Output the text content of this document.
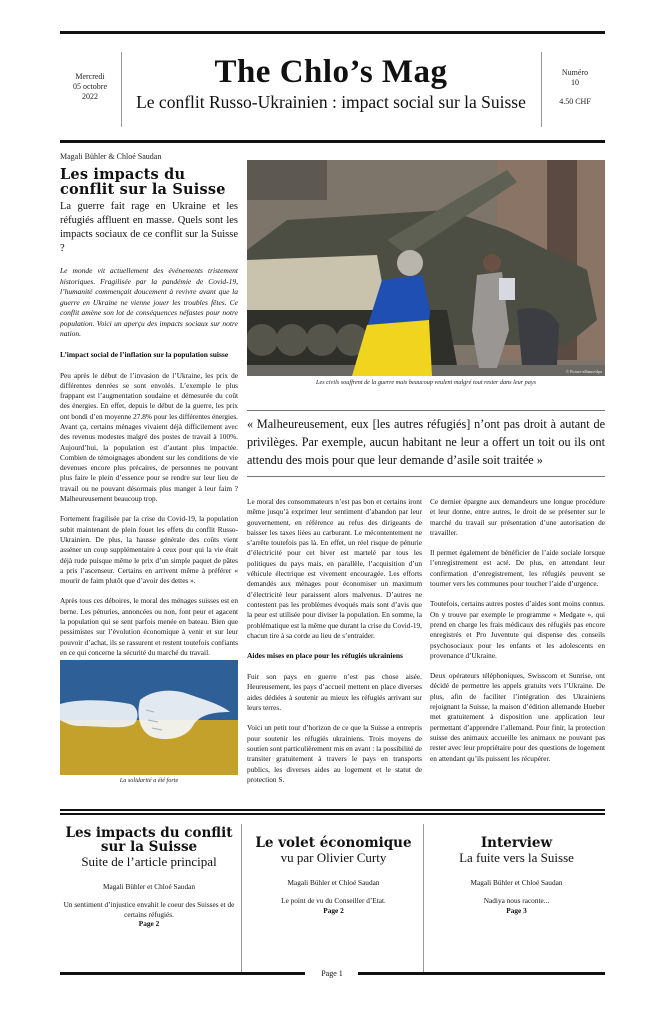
Mercredi
05 octobre
2022
The Chlo’s Mag
Le conflit Russo-Ukrainien : impact social sur la Suisse
Numéro
10
4.50 CHF
Magali Bühler & Chloé Saudan
Les impacts du conflit sur la Suisse
La guerre fait rage en Ukraine et les réfugiés affluent en masse. Quels sont les impacts sociaux de ce conflit sur la Suisse ?
Le monde vit actuellement des événements tristement historiques. Fragilisée par la pandémie de Covid-19, l’humanité commençait doucement à revivre avant que la guerre en Ukraine ne vienne jouer les troubles fêtes. Ce conflit amène son lot de conséquences néfastes pour notre population. Voici un aperçu des impacts sociaux sur notre nation.
L’impact social de l’inflation sur la population suisse

Peu après le début de l’invasion de l’Ukraine, les prix de différentes denrées se sont envolés. L’exemple le plus frappant est l’augmentation soudaine et démesurée du coût des énergies. En effet, depuis le début de la guerre, les prix ont bondi d’en moyenne 27.8% pour les différentes énergies. Avant ça, certains ménages vivaient déjà difficilement avec des revenus modestes malgré des postes de travail à 100%. Aujourd’hui, la population est d’autant plus impactée. Combien de témoignages abondent sur les conditions de vie devenues encore plus précaires, de personnes ne pouvant plus faire le plein d’essence pour se rendre sur leur lieu de travail ou ne pouvant désormais plus manger à leur faim ? Malheureusement beaucoup trop.

Fortement fragilisée par la crise du Covid-19, la population subit maintenant de plein fouet les effets du conflit Russo-Ukrainien. De plus, la hausse générale des coûts vient asséner un coup supplémentaire à ceux pour qui la vie était déjà rude puisque même le prix d’un simple paquet de pâtes a pris l’ascenseur. Certains en arrivent même à préférer « mourir de faim plutôt que d’avoir des dettes ».

Après tous ces déboires, le moral des ménages suisses est en berne. Les pénuries, annoncées ou non, font peur et agacent la population qui se sent parfois menée en bateau. Bien que pessimistes sur l’évolution économique à venir et sur leur pouvoir d’achat, ils se rassurent et restent toutefois confiants en ce qui concerne la sécurité du marché du travail.

La solidarité a été forte
© Picture-alliance/dpa
Les civils souffrent de la guerre mais beaucoup veulent malgré tout rester dans leur pays
« Malheureusement, eux [les autres réfugiés] n’ont pas droit à autant de privilèges. Par exemple, aucun habitant ne leur a offert un toit ou ils ont attendu des mois pour que leur demande d’asile soit traitée »

Le moral des consommateurs n’est pas bon et certains iront même jusqu’à exprimer leur sentiment d’abandon par leur gouvernement, en référence au refus des dirigeants de baisser les taxes liées au carburant. Le mécontentement ne s’arrête toutefois pas là. En effet, un réel risque de pénurie d’électricité pour cet hiver est martelé par tous les politiques du pays mais, en parallèle, l’acquisition d’un véhicule électrique est vivement encouragée. Les efforts demandés aux ménages pour économiser un maximum d’électricité leur paraissent alors malvenus. D’autres ne contestent pas les problèmes évoqués mais sont d’avis que la peur est utilisée pour diviser la population. En somme, la problématique est la même que durant la crise du Covid-19, chacun tire à sa corde au lieu de s’entraider.

Aides mises en place pour les réfugiés ukrainiens

Fuir son pays en guerre n’est pas chose aisée. Heureusement, les pays d’accueil mettent en place diverses aides dédiées à soutenir au mieux les réfugiés arrivant sur leurs terres.

Voici un petit tour d’horizon de ce que la Suisse a entrepris pour soutenir les réfugiés ukrainiens. Trois moyens de soutien sont particulièrement mis en avant : la possibilité de transiter gratuitement à travers le pays en transports publics, les diverses aides au logement et le statut de protection S.

Ce dernier épargne aux demandeurs une longue procédure et leur donne, entre autres, le droit de se présenter sur le marché du travail sur présentation d’une autorisation de travailler.

Il permet également de bénéficier de l’aide sociale lorsque l’enregistrement est acté. De plus, en attendant leur confirmation d’enregistrement, les réfugiés peuvent se tourner vers les communes pour toucher l’aide d’urgence.

Toutefois, certains autres postes d’aides sont moins connus. On y trouve par exemple le programme « Medgate », qui prend en charge les frais médicaux des réfugiés pas encore enregistrés et Pro Juventute qui dispense des conseils psychosociaux pour les enfants et les adolescents en provenance d’Ukraine.

Deux opérateurs téléphoniques, Swisscom et Sunrise, ont décidé de permettre les appels gratuits vers l’Ukraine. De plus, afin de faciliter l’intégration des Ukrainiens rejoignant la Suisse, la maison d’édition allemande Hueber met gratuitement à disposition une application leur permettant d’apprendre l’allemand. Pour finir, la protection suisse des animaux accueille les animaux ne pouvant pas rester avec leur propriétaire pour des questions de logement en attendant qu’ils puissent les récupérer.

Les impacts du conflit sur la Suisse
Suite de l’article principal
Magali Bühler et Chloé Saudan
Un sentiment d’injustice envahit le coeur des Suisses et de certains réfugiés.
Page 2
Le volet économique
vu par Olivier Curty
Magali Bühler et Chloé Saudan
Le point de vu du Conseiller d’Etat.
Page 2
Interview
La fuite vers la Suisse
Magali Bühler et Chloé Saudan
Nadiya nous raconte...
Page 3
Page 1
